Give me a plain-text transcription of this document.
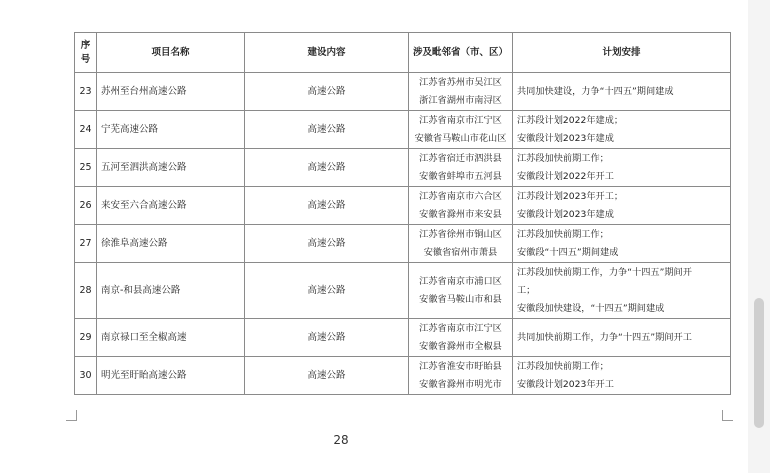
序号	项目名称	建设内容	涉及毗邻省（市、区）	计划安排
23	苏州至台州高速公路	高速公路	江苏省苏州市吴江区
浙江省湖州市南浔区	共同加快建设，力争“十四五”期间建成

24	宁芜高速公路	高速公路	江苏省南京市江宁区
安徽省马鞍山市花山区	江苏段计划2022年建成；
安徽段计划2023年建成

25	五河至泗洪高速公路	高速公路	江苏省宿迁市泗洪县
安徽省蚌埠市五河县	江苏段加快前期工作；
安徽段计划2022年开工

26	来安至六合高速公路	高速公路	江苏省南京市六合区
安徽省滁州市来安县	江苏段计划2023年开工；
安徽段计划2023年建成

27	徐淮阜高速公路	高速公路	江苏省徐州市铜山区
安徽省宿州市萧县	江苏段加快前期工作；
安徽段“十四五”期间建成

28	南京-和县高速公路	高速公路	江苏省南京市浦口区
安徽省马鞍山市和县	江苏段加快前期工作，力争“十四五”期间开
工；
安徽段加快建设，“十四五”期间建成

29	南京禄口至全椒高速	高速公路	江苏省南京市江宁区
安徽省滁州市全椒县	共同加快前期工作，力争“十四五”期间开工

30	明光至盱眙高速公路	高速公路	江苏省淮安市盱眙县
安徽省滁州市明光市	江苏段加快前期工作；
安徽段计划2023年开工
28
